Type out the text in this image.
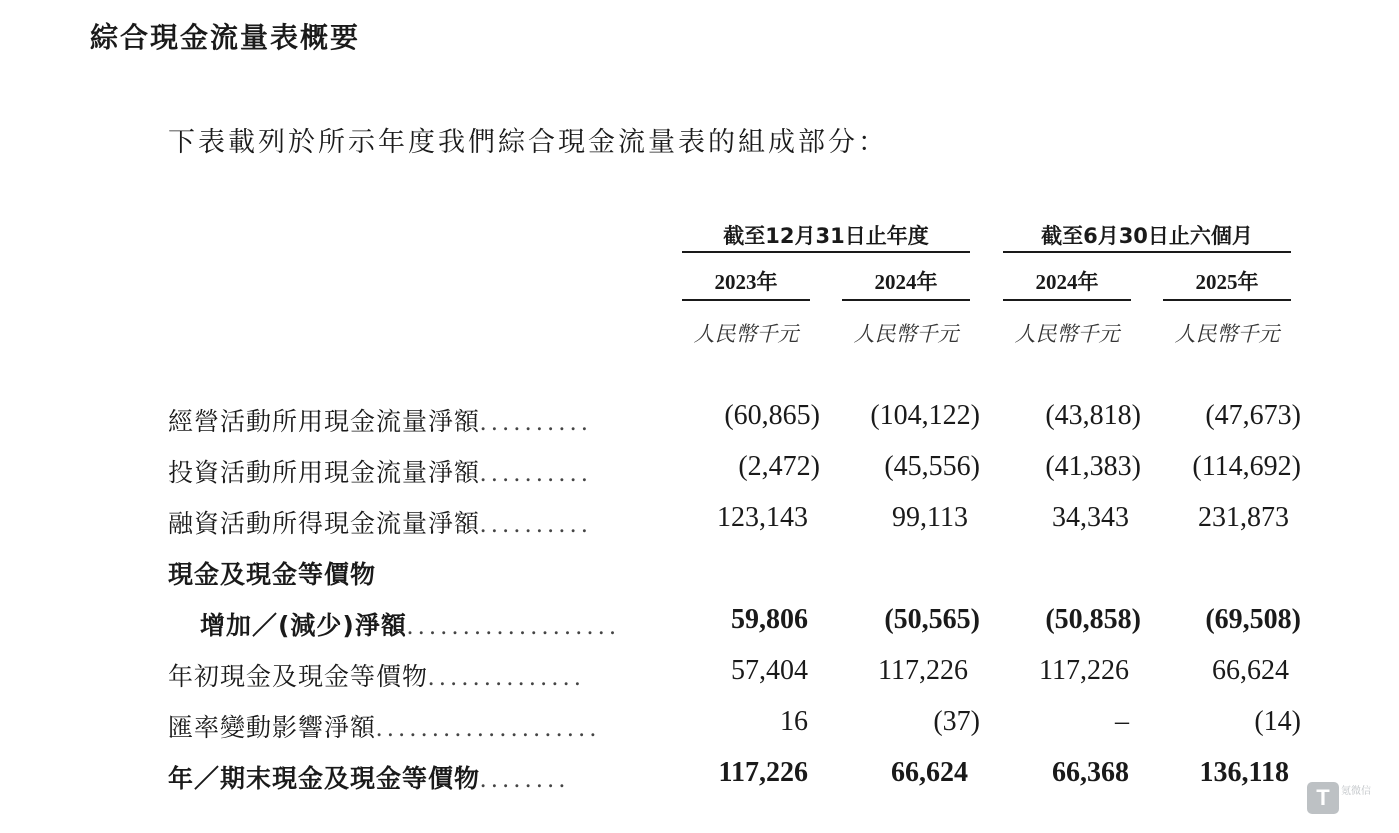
綜合現金流量表概要
下表載列於所示年度我們綜合現金流量表的組成部分：
截至12月31日止年度	截至6月30日止六個月
2023年	2024年	2024年	2025年
人民幣千元	人民幣千元	人民幣千元	人民幣千元
經營活動所用現金流量淨額..........	(60,865)	(104,122)	(43,818)	(47,673)
投資活動所用現金流量淨額..........	(2,472)	(45,556)	(41,383)	(114,692)
融資活動所得現金流量淨額..........	123,143	99,113	34,343	231,873
現金及現金等價物
增加／(減少)淨額...................	59,806	(50,565)	(50,858)	(69,508)
年初現金及現金等價物..............	57,404	117,226	117,226	66,624
匯率變動影響淨額....................	16	(37)	–	(14)
年／期末現金及現金等價物........	117,226	66,624	66,368	136,118
T	氪微信
